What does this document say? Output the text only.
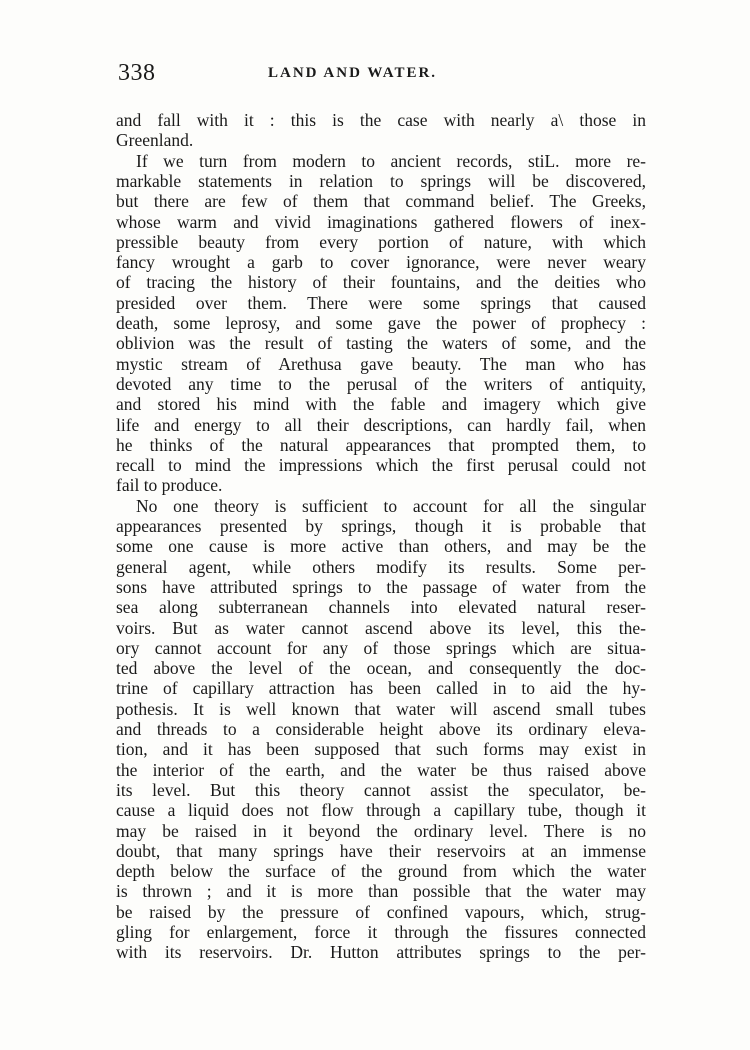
338	LAND AND WATER.
and fall with it : this is the case with nearly a\ those in
Greenland.
If we turn from modern to ancient records, stiL. more re-
markable statements in relation to springs will be discovered,
but there are few of them that command belief. The Greeks,
whose warm and vivid imaginations gathered flowers of inex-
pressible beauty from every portion of nature, with which
fancy wrought a garb to cover ignorance, were never weary
of tracing the history of their fountains, and the deities who
presided over them. There were some springs that caused
death, some leprosy, and some gave the power of prophecy :
oblivion was the result of tasting the waters of some, and the
mystic stream of Arethusa gave beauty. The man who has
devoted any time to the perusal of the writers of antiquity,
and stored his mind with the fable and imagery which give
life and energy to all their descriptions, can hardly fail, when
he thinks of the natural appearances that prompted them, to
recall to mind the impressions which the first perusal could not
fail to produce.
No one theory is sufficient to account for all the singular
appearances presented by springs, though it is probable that
some one cause is more active than others, and may be the
general agent, while others modify its results. Some per-
sons have attributed springs to the passage of water from the
sea along subterranean channels into elevated natural reser-
voirs. But as water cannot ascend above its level, this the-
ory cannot account for any of those springs which are situa-
ted above the level of the ocean, and consequently the doc-
trine of capillary attraction has been called in to aid the hy-
pothesis. It is well known that water will ascend small tubes
and threads to a considerable height above its ordinary eleva-
tion, and it has been supposed that such forms may exist in
the interior of the earth, and the water be thus raised above
its level. But this theory cannot assist the speculator, be-
cause a liquid does not flow through a capillary tube, though it
may be raised in it beyond the ordinary level. There is no
doubt, that many springs have their reservoirs at an immense
depth below the surface of the ground from which the water
is thrown ; and it is more than possible that the water may
be raised by the pressure of confined vapours, which, strug-
gling for enlargement, force it through the fissures connected
with its reservoirs. Dr. Hutton attributes springs to the per-
